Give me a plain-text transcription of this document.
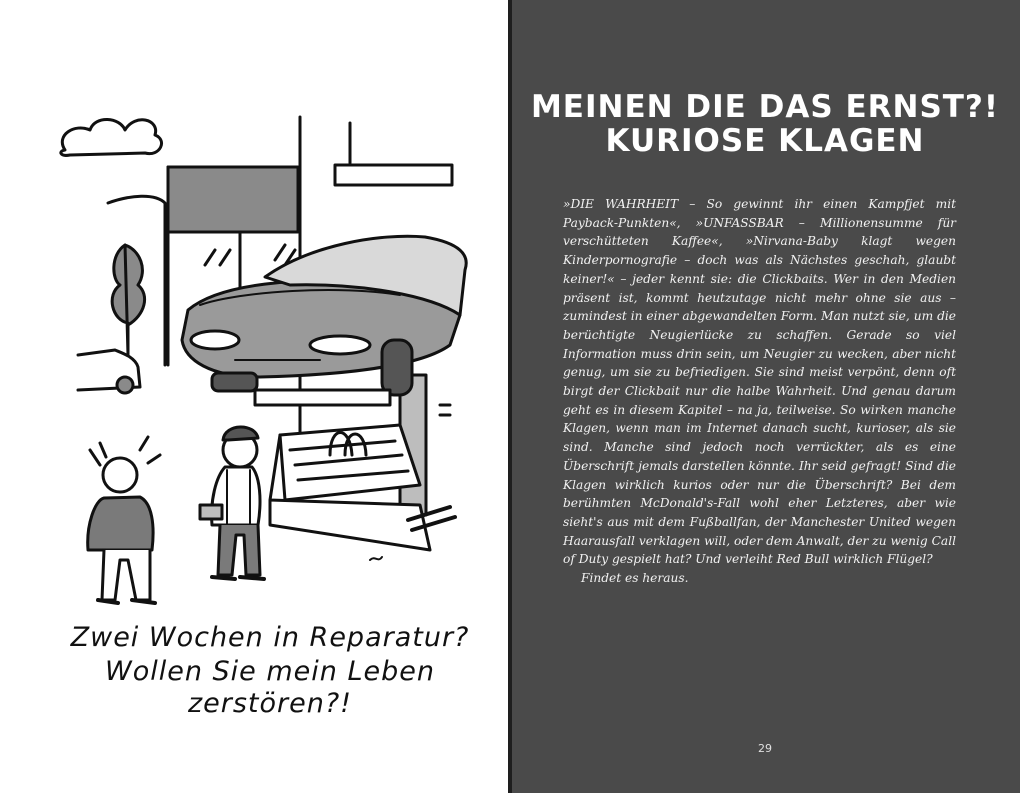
Zwei Wochen in Reparatur?
Wollen Sie mein Leben
zerstören?!
MEINEN DIE DAS ERNST?!
KURIOSE KLAGEN

»DIE WAHRHEIT – So gewinnt ihr einen Kampfjet mit Payback-Punkten«, »UNFASSBAR – Millionensumme für verschütteten Kaffee«, »Nirvana-Baby klagt wegen Kinderpornografie – doch was als Nächstes geschah, glaubt keiner!« – jeder kennt sie: die Clickbaits. Wer in den Medien präsent ist, kommt heutzutage nicht mehr ohne sie aus – zumindest in einer abgewandelten Form. Man nutzt sie, um die berüchtigte Neugierlücke zu schaffen. Gerade so viel Information muss drin sein, um Neugier zu wecken, aber nicht genug, um sie zu befriedigen. Sie sind meist verpönt, denn oft birgt der Clickbait nur die halbe Wahrheit. Und genau darum geht es in diesem Kapitel – na ja, teilweise. So wirken manche Klagen, wenn man im Internet danach sucht, kurioser, als sie sind. Manche sind jedoch noch verrückter, als es eine Überschrift jemals darstellen könnte. Ihr seid gefragt! Sind die Klagen wirklich kurios oder nur die Überschrift? Bei dem berühmten McDonald's-Fall wohl eher Letzteres, aber wie sieht's aus mit dem Fußballfan, der Manchester United wegen Haarausfall verklagen will, oder dem Anwalt, der zu wenig Call of Duty gespielt hat? Und verleiht Red Bull wirklich Flügel?

Findet es heraus.

29
